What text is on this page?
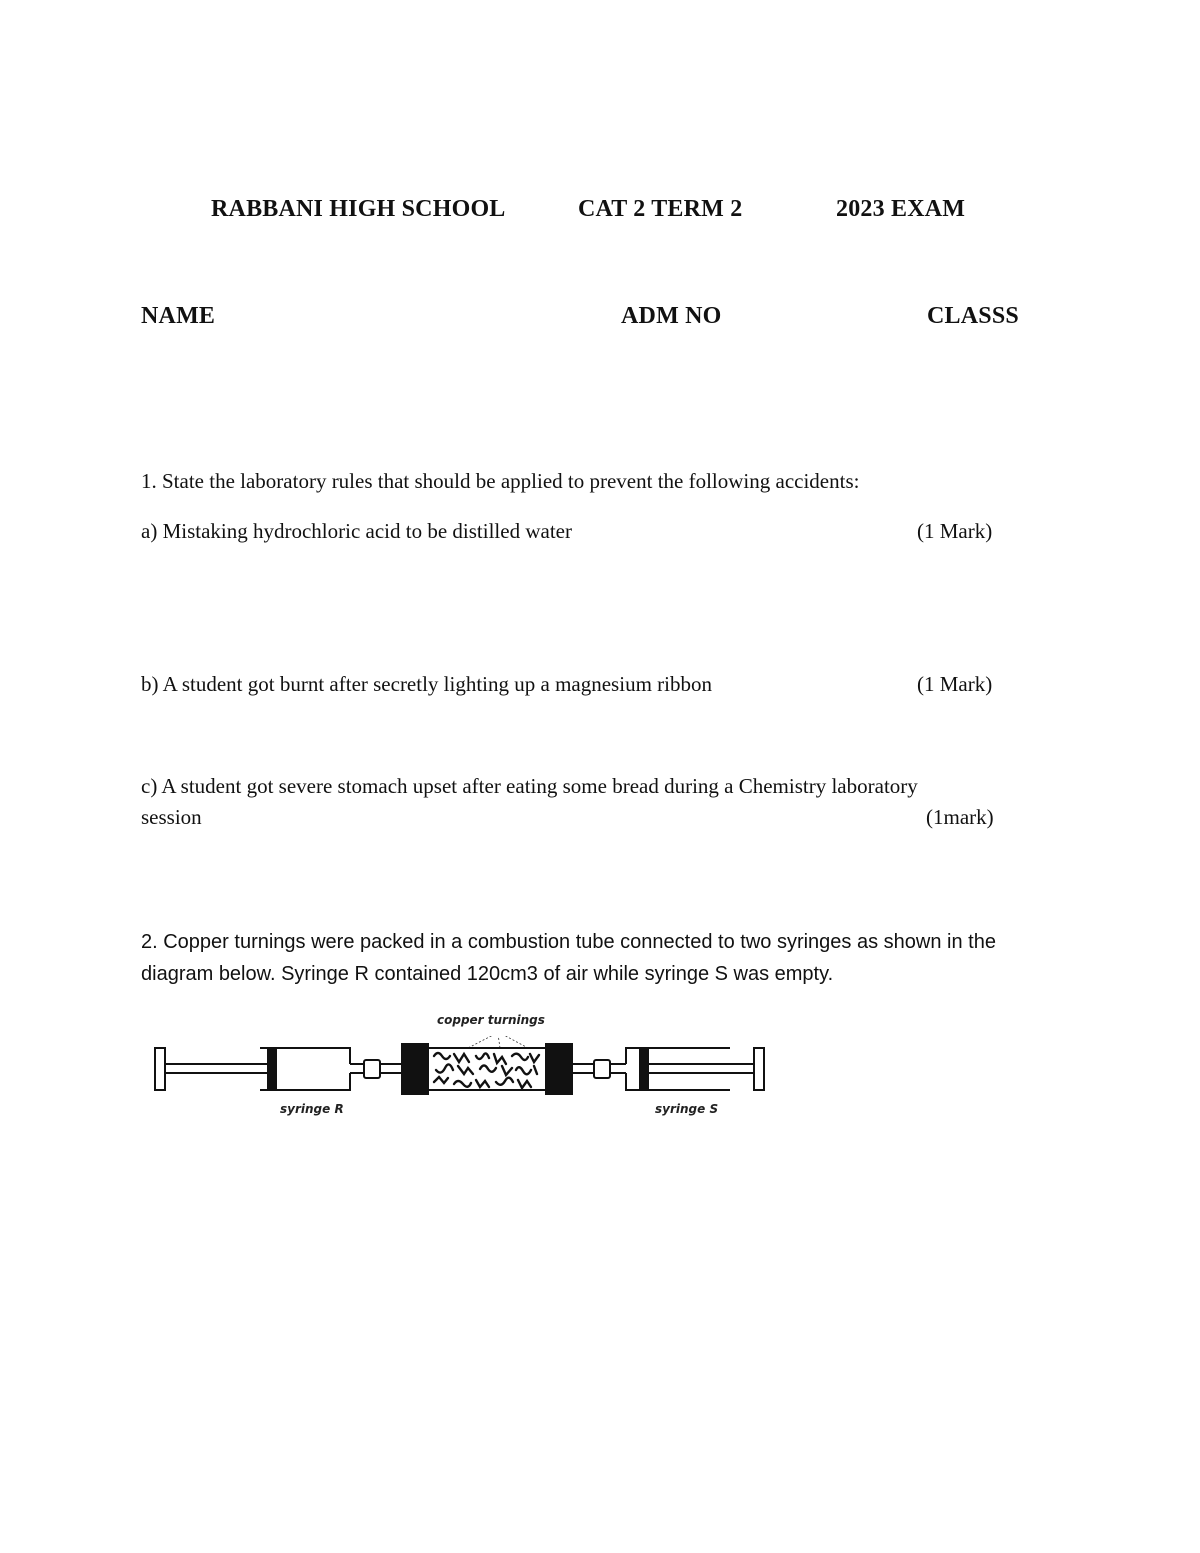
RABBANI HIGH SCHOOL	CAT 2 TERM 2	2023 EXAM
NAME	ADM NO	CLASSS
1. State the laboratory rules that should be applied to prevent the following accidents:
a) Mistaking hydrochloric acid to be distilled water	(1 Mark)
b) A student got burnt after secretly lighting up a magnesium ribbon	(1 Mark)
c) A student got severe stomach upset after eating some bread during a Chemistry laboratory
session	(1mark)
2. Copper turnings were packed in a combustion tube connected to two syringes as shown in the
diagram below. Syringe R contained 120cm3 of air while syringe S was empty.
copper turnings
syringe R	syringe S
